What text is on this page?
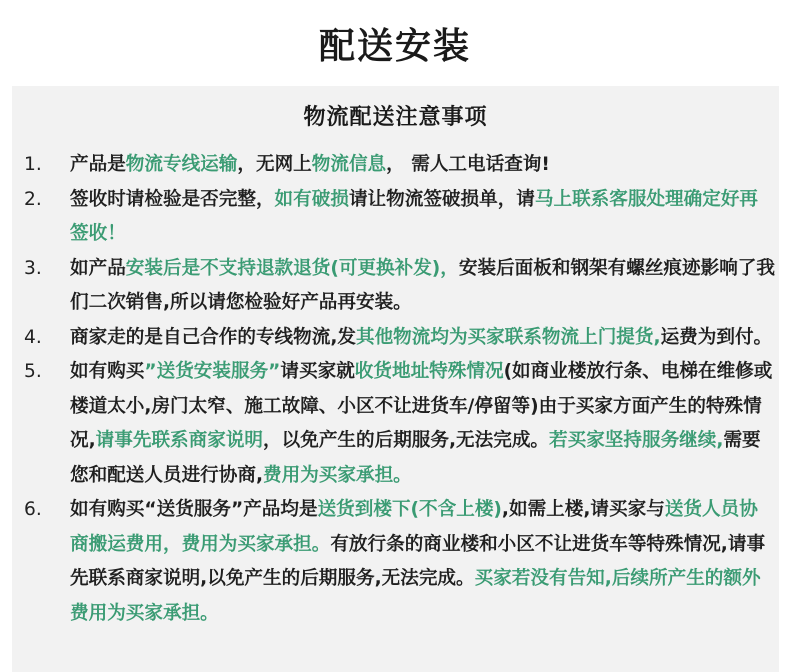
配送安装
物流配送注意事项
1.	产品是物流专线运输，无网上物流信息， 需人工电话查询!
2.	签收时请检验是否完整，如有破损请让物流签破损单，请马上联系客服处理确定好再签收！
3.	如产品安装后是不支持退款退货(可更换补发)，安装后面板和钢架有螺丝痕迹影响了我们二次销售,所以请您检验好产品再安装。
4.	商家走的是自己合作的专线物流,发其他物流均为买家联系物流上门提货,运费为到付。
5.	如有购买”送货安装服务”请买家就收货地址特殊情况(如商业楼放行条、电梯在维修或楼道太小,房门太窄、施工故障、小区不让进货车/停留等)由于买家方面产生的特殊情况,请事先联系商家说明，以免产生的后期服务,无法完成。若买家坚持服务继续,需要您和配送人员进行协商,费用为买家承担。
6.	如有购买“送货服务”产品均是送货到楼下(不含上楼),如需上楼,请买家与送货人员协商搬运费用，费用为买家承担。有放行条的商业楼和小区不让进货车等特殊情况,请事先联系商家说明,以免产生的后期服务,无法完成。买家若没有告知,后续所产生的额外费用为买家承担。
